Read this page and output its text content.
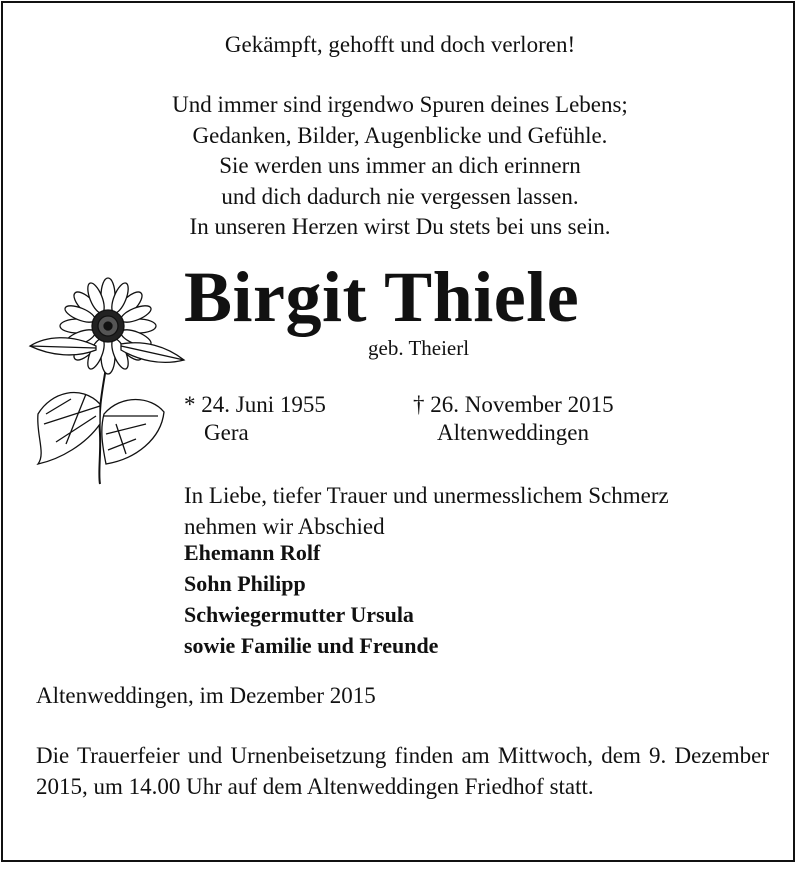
Gekämpft, gehofft und doch verloren!
Und immer sind irgendwo Spuren deines Lebens;
Gedanken, Bilder, Augenblicke und Gefühle.
Sie werden uns immer an dich erinnern
und dich dadurch nie vergessen lassen.
In unseren Herzen wirst Du stets bei uns sein.
Birgit Thiele
geb. Theierl
* 24. Juni 1955
Gera
† 26. November 2015
Altenweddingen
In Liebe, tiefer Trauer und unermesslichem Schmerz
nehmen wir Abschied
Ehemann Rolf
Sohn Philipp
Schwiegermutter Ursula
sowie Familie und Freunde
Altenweddingen, im Dezember 2015
Die Trauerfeier und Urnenbeisetzung finden am Mittwoch, dem 9. Dezember 2015, um 14.00 Uhr auf dem Altenweddingen Friedhof statt.
